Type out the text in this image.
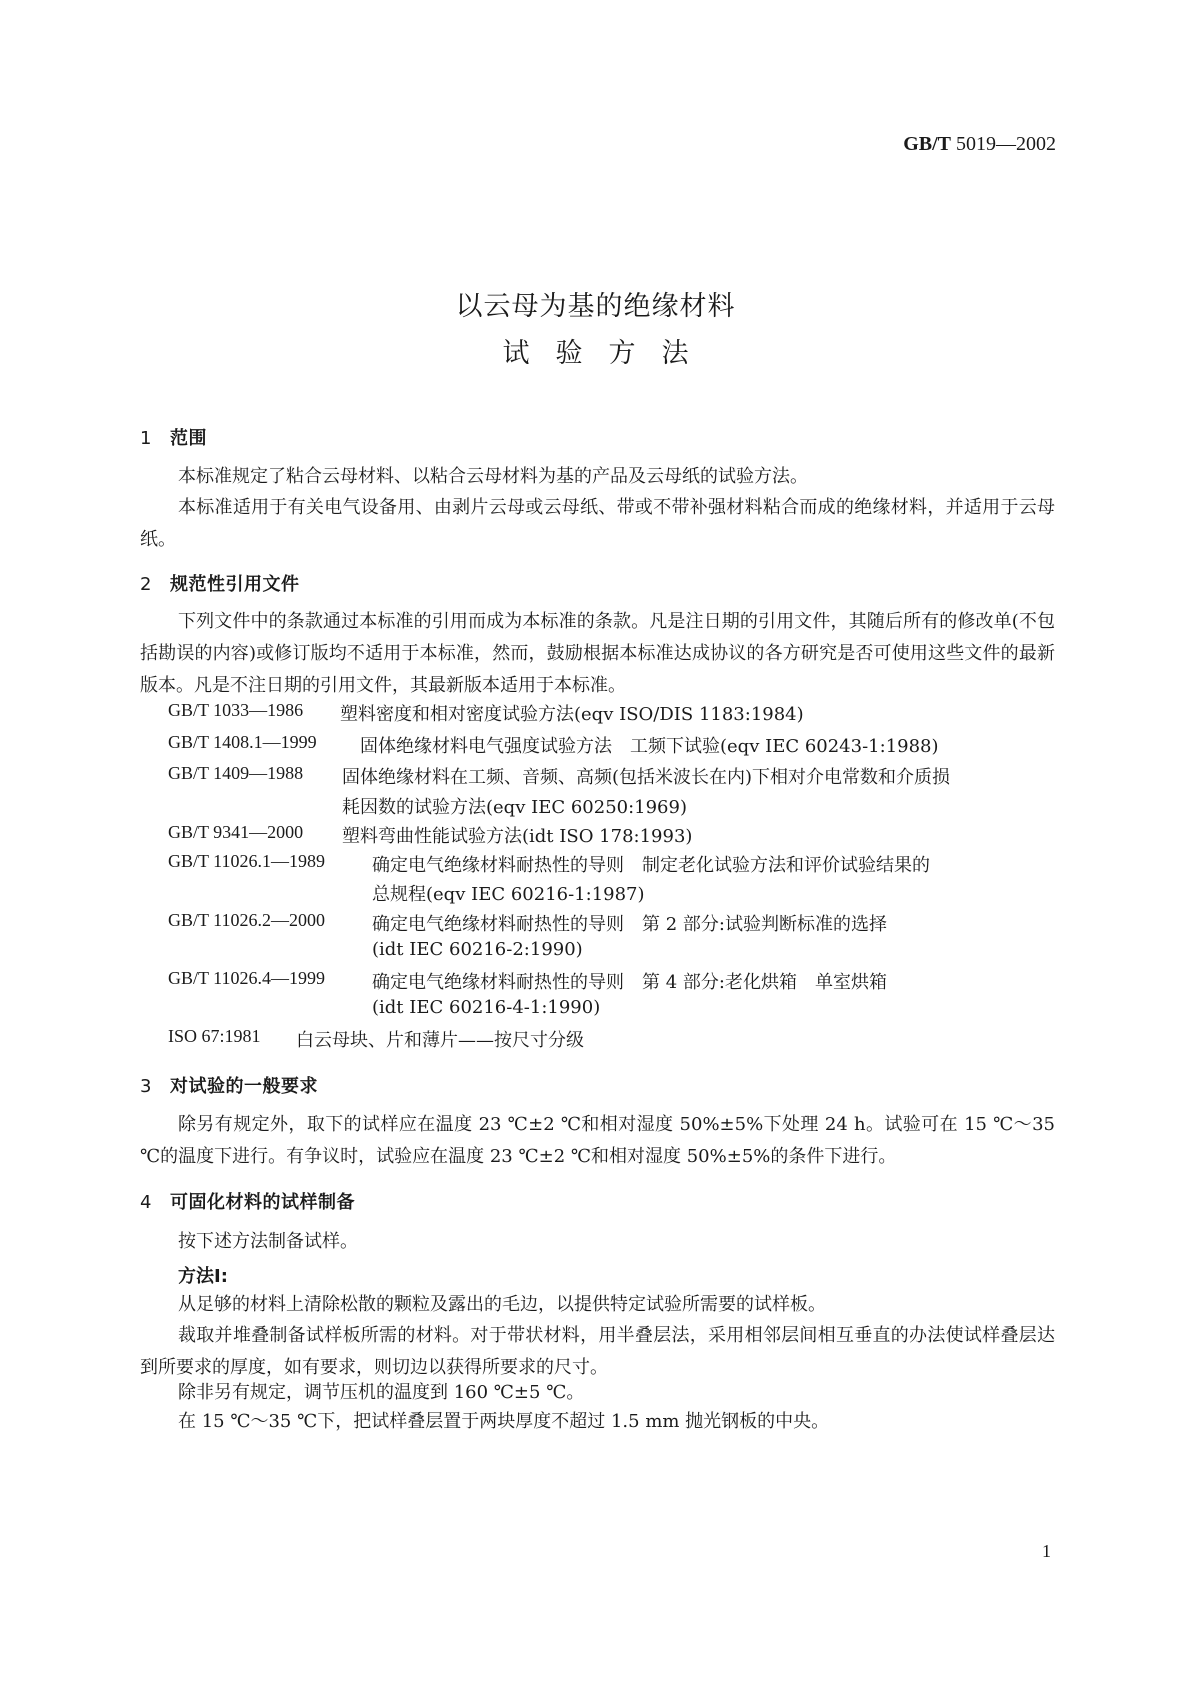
GB/T 5019—2002
以云母为基的绝缘材料
试验方法
1 范围
本标准规定了粘合云母材料、以粘合云母材料为基的产品及云母纸的试验方法。
本标准适用于有关电气设备用、由剥片云母或云母纸、带或不带补强材料粘合而成的绝缘材料，并适用于云母纸。
2 规范性引用文件
下列文件中的条款通过本标准的引用而成为本标准的条款。凡是注日期的引用文件，其随后所有的修改单(不包括勘误的内容)或修订版均不适用于本标准，然而，鼓励根据本标准达成协议的各方研究是否可使用这些文件的最新版本。凡是不注日期的引用文件，其最新版本适用于本标准。
GB/T 1033—1986 塑料密度和相对密度试验方法(eqv ISO/DIS 1183:1984)
GB/T 1408.1—1999 固体绝缘材料电气强度试验方法　工频下试验(eqv IEC 60243-1:1988)
GB/T 1409—1988 固体绝缘材料在工频、音频、高频(包括米波长在内)下相对介电常数和介质损
耗因数的试验方法(eqv IEC 60250:1969)
GB/T 9341—2000 塑料弯曲性能试验方法(idt ISO 178:1993)
GB/T 11026.1—1989	确定电气绝缘材料耐热性的导则　制定老化试验方法和评价试验结果的
总规程(eqv IEC 60216-1:1987)
GB/T 11026.2—2000	确定电气绝缘材料耐热性的导则　第 2 部分:试验判断标准的选择
(idt IEC 60216-2:1990)
GB/T 11026.4—1999	确定电气绝缘材料耐热性的导则　第 4 部分:老化烘箱　单室烘箱
(idt IEC 60216-4-1:1990)
ISO 67:1981 白云母块、片和薄片——按尺寸分级
3 对试验的一般要求
除另有规定外，取下的试样应在温度 23 ℃±2 ℃和相对湿度 50%±5%下处理 24 h。试验可在 15 ℃～35 ℃的温度下进行。有争议时，试验应在温度 23 ℃±2 ℃和相对湿度 50%±5%的条件下进行。
4 可固化材料的试样制备
按下述方法制备试样。
方法Ⅰ:
从足够的材料上清除松散的颗粒及露出的毛边，以提供特定试验所需要的试样板。
裁取并堆叠制备试样板所需的材料。对于带状材料，用半叠层法，采用相邻层间相互垂直的办法使试样叠层达到所要求的厚度，如有要求，则切边以获得所要求的尺寸。
除非另有规定，调节压机的温度到 160 ℃±5 ℃。
在 15 ℃～35 ℃下，把试样叠层置于两块厚度不超过 1.5 mm 抛光钢板的中央。
1
